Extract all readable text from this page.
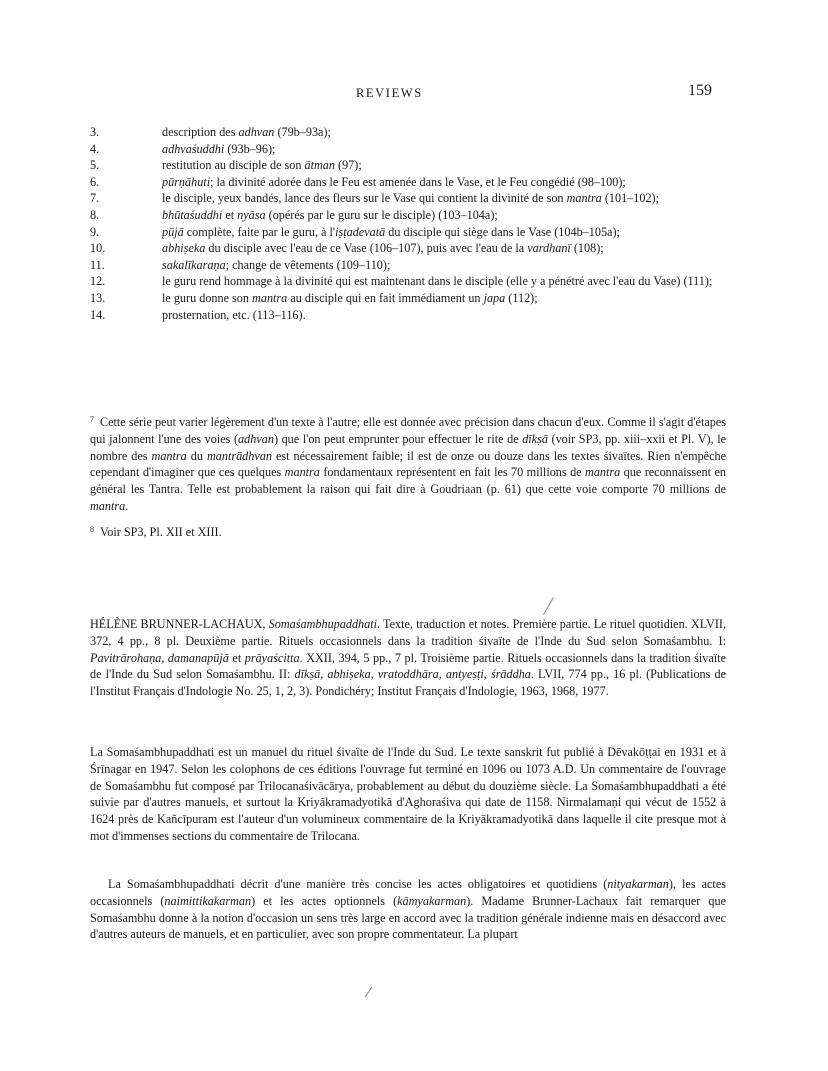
REVIEWS	159
3.	description des adhvan (79b–93a);
4.	adhvaśuddhi (93b–96);
5.	restitution au disciple de son ātman (97);
6.	pūrṇāhuti; la divinité adorée dans le Feu est amenée dans le Vase, et le Feu congédié (98–100);
7.	le disciple, yeux bandés, lance des fleurs sur le Vase qui contient la divinité de son mantra (101–102);
8.	bhūtaśuddhi et nyāsa (opérés par le guru sur le disciple) (103–104a);
9.	pūjā complète, faite par le guru, à l'iṣṭadevatā du disciple qui siège dans le Vase (104b–105a);
10.	abhiṣeka du disciple avec l'eau de ce Vase (106–107), puis avec l'eau de la vardhanī (108);
11.	sakalīkaraṇa; change de vêtements (109–110);
12.	le guru rend hommage à la divinité qui est maintenant dans le disciple (elle y a pénétré avec l'eau du Vase) (111);
13.	le guru donne son mantra au disciple qui en fait immédiament un japa (112);
14.	prosternation, etc. (113–116).
$^7$ Cette série peut varier légèrement d'un texte à l'autre; elle est donnée avec précision dans chacun d'eux. Comme il s'agit d'étapes qui jalonnent l'une des voies (adhvan) que l'on peut emprunter pour effectuer le rite de dīkṣā (voir SP3, pp. xiii–xxii et Pl. V), le nombre des mantra du mantrādhvan est nécessairement faible; il est de onze ou douze dans les textes śivaïtes. Rien n'empêche cependant d'imaginer que ces quelques mantra fondamentaux représentent en fait les 70 millions de mantra que reconnaissent en général les Tantra. Telle est probablement la raison qui fait dire à Goudriaan (p. 61) que cette voie comporte 70 millions de mantra.
$^8$ Voir SP3, Pl. XII et XIII.
HÉLÈNE BRUNNER-LACHAUX, Somaśambhupaddhati. Texte, traduction et notes. Première partie. Le rituel quotidien. XLVII, 372, 4 pp., 8 pl. Deuxième partie. Rituels occasionnels dans la tradition śivaïte de l'Inde du Sud selon Somaśambhu. I: Pavitrārohaṇa, damanapūjā et prāyaścitta. XXII, 394, 5 pp., 7 pl. Troisième partie. Rituels occasionnels dans la tradition śivaïte de l'Inde du Sud selon Somaśambhu. II: dīkṣā, abhiṣeka, vratoddhāra, antyeṣṭi, śrāddha. LVII, 774 pp., 16 pl. (Publications de l'Institut Français d'Indologie No. 25, 1, 2, 3). Pondichéry; Institut Français d'Indologie, 1963, 1968, 1977.
La Somaśambhupaddhati est un manuel du rituel śivaïte de l'Inde du Sud. Le texte sanskrit fut publié à Dēvakōṭṭai en 1931 et à Śrīnagar en 1947. Selon les colophons de ces éditions l'ouvrage fut terminé en 1096 ou 1073 A.D. Un commentaire de l'ouvrage de Somaśambhu fut composé par Trilocanaśivācārya, probablement au début du douzième siècle. La Somaśambhupaddhati a été suivie par d'autres manuels, et surtout la Kriyākramadyotikā d'Aghoraśiva qui date de 1158. Nirmalamaṇi qui vécut de 1552 à 1624 près de Kañcīpuram est l'auteur d'un volumineux commentaire de la Kriyākramadyotikā dans laquelle il cite presque mot à mot d'immenses sections du commentaire de Trilocana.
La Somaśambhupaddhati décrit d'une manière très concise les actes obligatoires et quotidiens (nityakarman), les actes occasionnels (naimittikakarman) et les actes optionnels (kāmyakarman). Madame Brunner-Lachaux fait remarquer que Somaśambhu donne à la notion d'occasion un sens très large en accord avec la tradition générale indienne mais en désaccord avec d'autres auteurs de manuels, et en particulier, avec son propre commentateur. La plupart
